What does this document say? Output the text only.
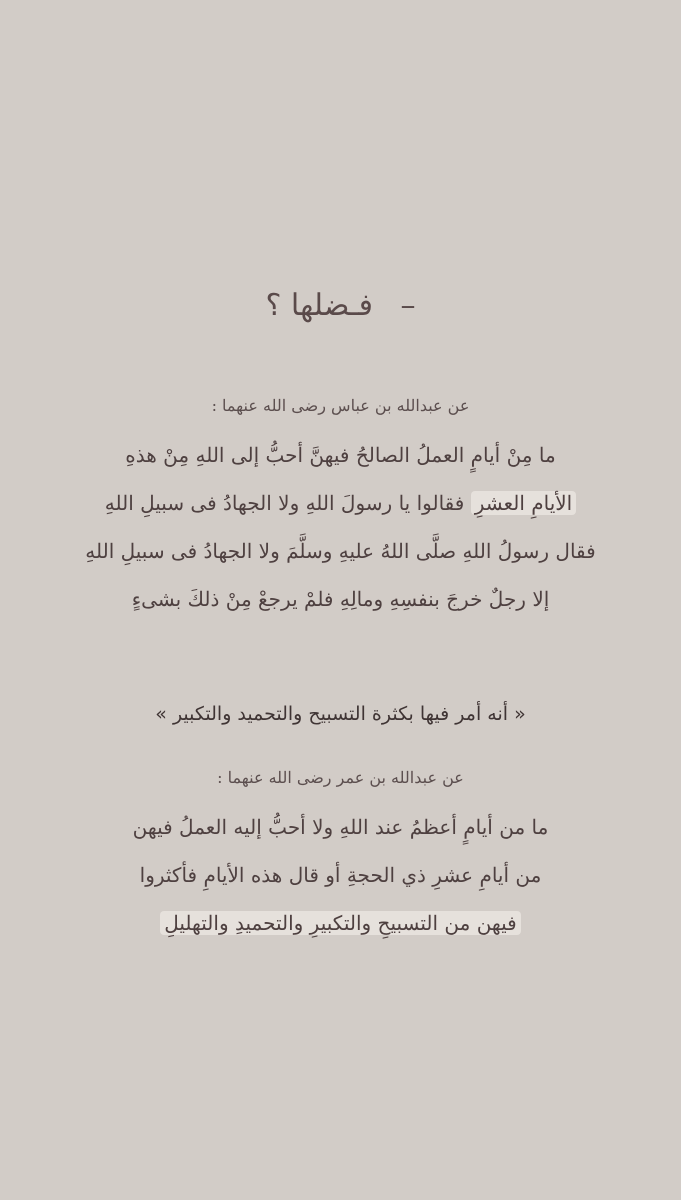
– فـضلها ؟
عن عبدالله بن عباس رضى الله عنهما :
ما مِنْ أيامٍ العملُ الصالحُ فيهنَّ أحبُّ إلى اللهِ مِنْ هذهِ
الأيامِ العشرِ فقالوا يا رسولَ اللهِ ولا الجهادُ فى سبيلِ اللهِ
فقال رسولُ اللهِ صلَّى اللهُ عليهِ وسلَّمَ ولا الجهادُ فى سبيلِ اللهِ
إلا رجلٌ خرجَ بنفسِهِ ومالِهِ فلمْ يرجعْ مِنْ ذلكَ بشىءٍ
« أنه أمر فيها بكثرة التسبيح والتحميد والتكبير »
عن عبدالله بن عمر رضى الله عنهما :
ما من أيامٍ أعظمُ عند اللهِ ولا أحبُّ إليه العملُ فيهن
من أيامِ عشرِ ذي الحجةِ أو قال هذه الأيامِ فأكثروا
فيهن من التسبيحِ والتكبيرِ والتحميدِ والتهليلِ
